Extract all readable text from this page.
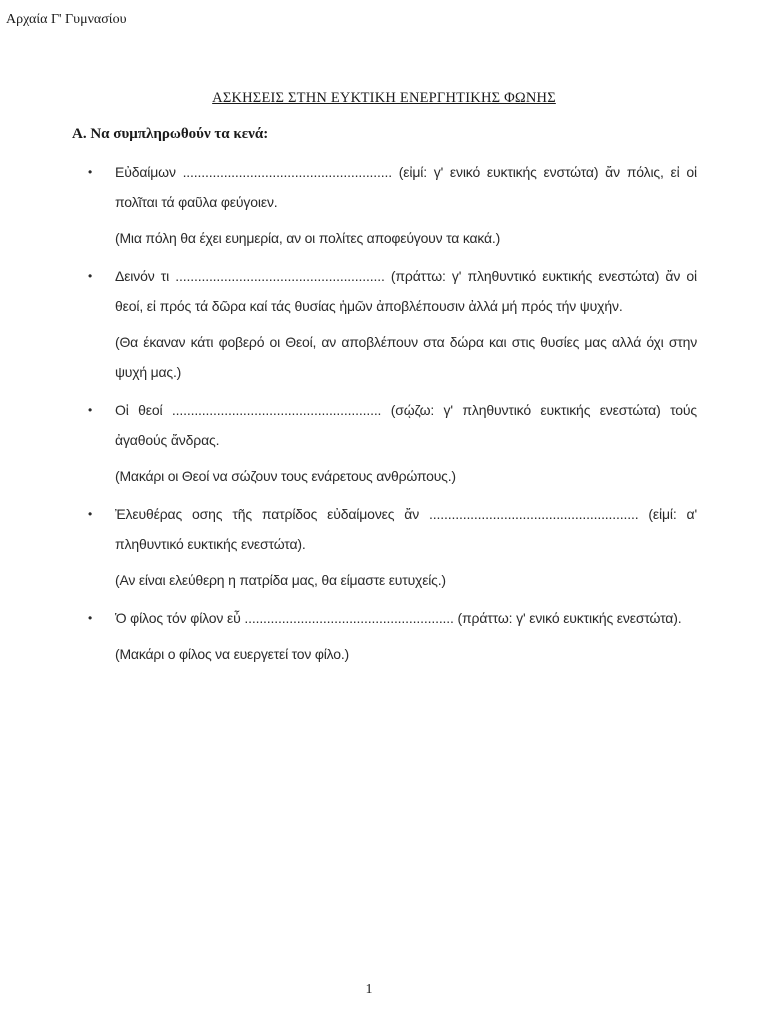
Αρχαία Γ' Γυμνασίου
ΑΣΚΗΣΕΙΣ ΣΤΗΝ ΕΥΚΤΙΚΗ ΕΝΕΡΓΗΤΙΚΗΣ ΦΩΝΗΣ
Α. Να συμπληρωθούν τα κενά:
• Εὐδαίμων ........................................................ (εἰμί: γ' ενικό ευκτικής ενστώτα) ἄν πόλις, εἰ οἱ πολῖται τά φαῦλα φεύγοιεν.

(Μια πόλη θα έχει ευημερία, αν οι πολίτες αποφεύγουν τα κακά.)

• Δεινόν τι ........................................................ (πράττω: γ' πληθυντικό ευκτικής ενεστώτα) ἄν οἱ θεοί, εἰ πρός τά δῶρα καί τάς θυσίας ἡμῶν ἀποβλέπουσιν ἀλλά μή πρός τήν ψυχήν.

(Θα έκαναν κάτι φοβερό οι Θεοί, αν αποβλέπουν στα δώρα και στις θυσίες μας αλλά όχι στην ψυχή μας.)

• Οἱ θεοί ........................................................ (σῴζω: γ' πληθυντικό ευκτικής ενεστώτα) τούς ἀγαθούς ἄνδρας.

(Μακάρι οι Θεοί να σώζουν τους ενάρετους ανθρώπους.)

• Ἐλευθέρας οσης τῆς πατρίδος εὐδαίμονες ἄν ........................................................ (εἰμί: α' πληθυντικό ευκτικής ενεστώτα).

(Αν είναι ελεύθερη η πατρίδα μας, θα είμαστε ευτυχείς.)

• Ὁ φίλος τόν φίλον εὖ ........................................................ (πράττω: γ' ενικό ευκτικής ενεστώτα).

(Μακάρι ο φίλος να ευεργετεί τον φίλο.)

1
